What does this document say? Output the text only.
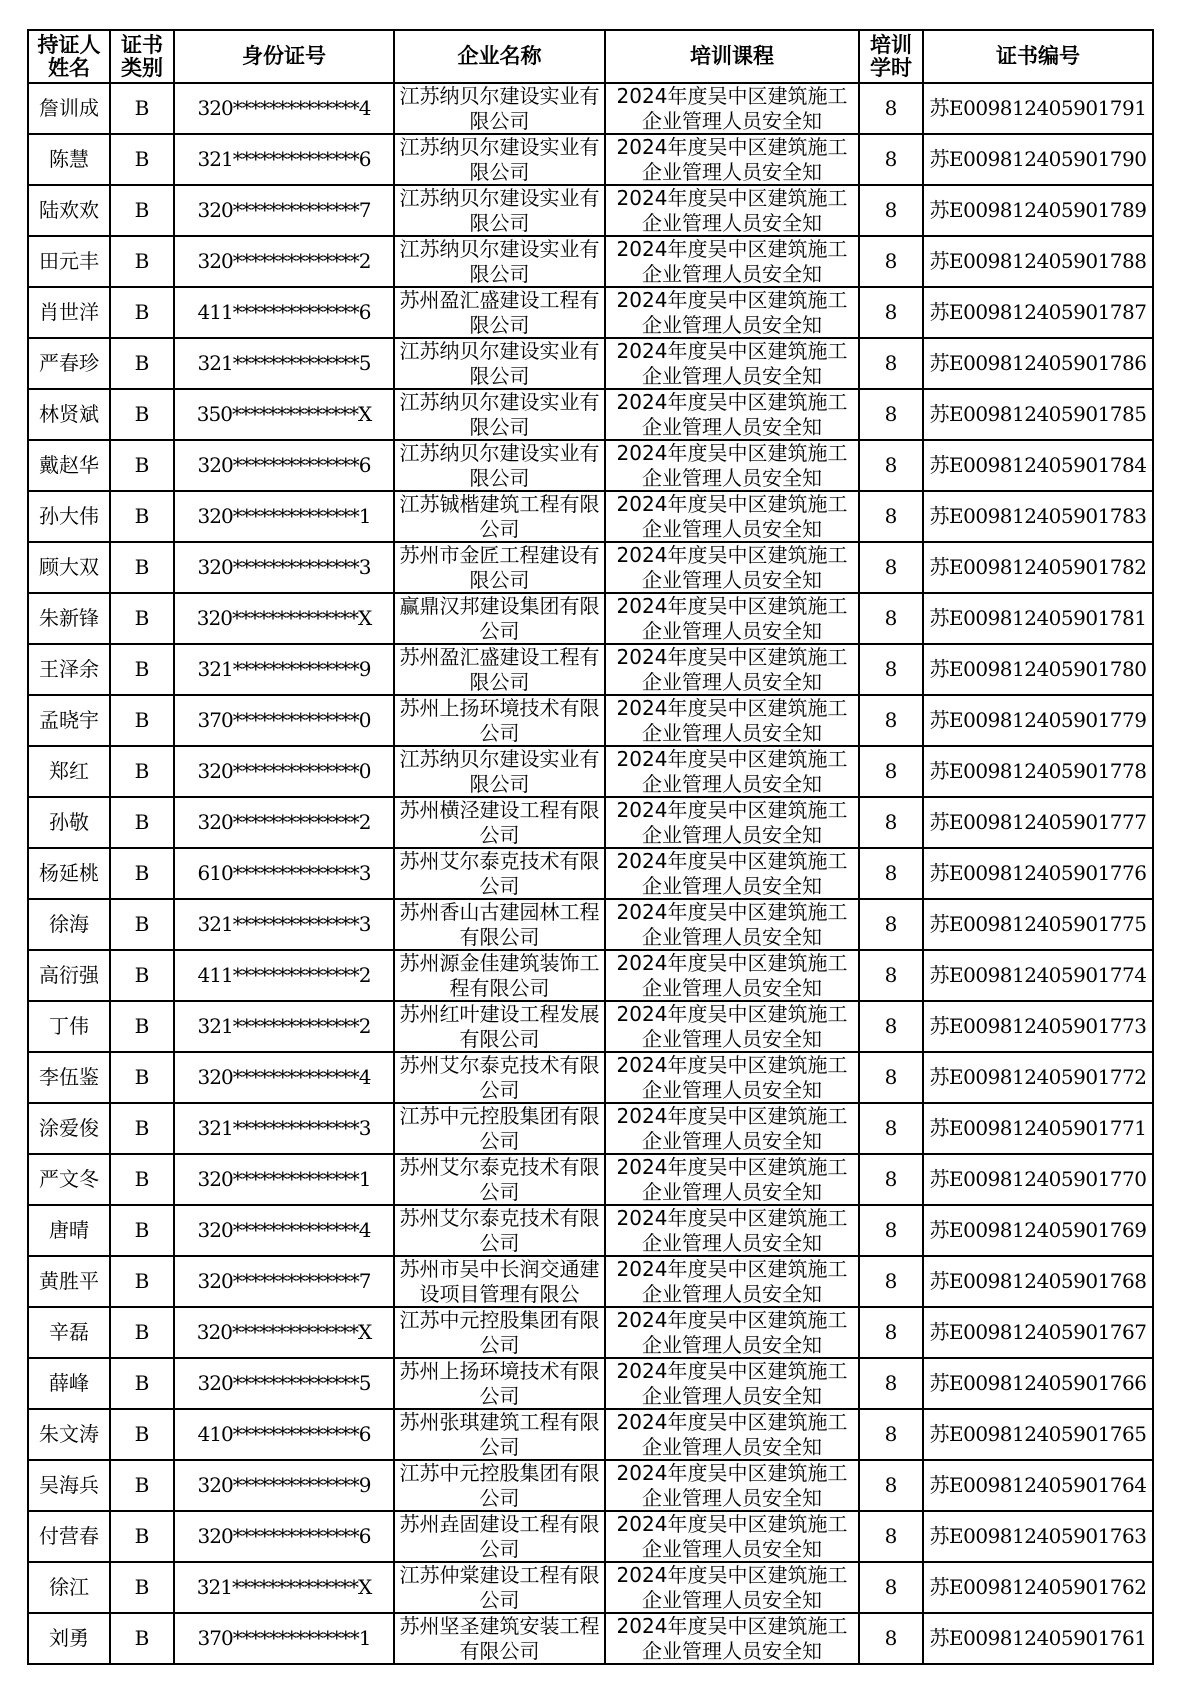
持证人姓名	证书类别	身份证号	企业名称	培训课程	培训学时	证书编号
詹训成	B	320**************4	江苏纳贝尔建设实业有限公司	2024年度吴中区建筑施工企业管理人员安全知	8	苏E009812405901791
陈慧	B	321**************6	江苏纳贝尔建设实业有限公司	2024年度吴中区建筑施工企业管理人员安全知	8	苏E009812405901790
陆欢欢	B	320**************7	江苏纳贝尔建设实业有限公司	2024年度吴中区建筑施工企业管理人员安全知	8	苏E009812405901789
田元丰	B	320**************2	江苏纳贝尔建设实业有限公司	2024年度吴中区建筑施工企业管理人员安全知	8	苏E009812405901788
肖世洋	B	411**************6	苏州盈汇盛建设工程有限公司	2024年度吴中区建筑施工企业管理人员安全知	8	苏E009812405901787
严春珍	B	321**************5	江苏纳贝尔建设实业有限公司	2024年度吴中区建筑施工企业管理人员安全知	8	苏E009812405901786
林贤斌	B	350**************X	江苏纳贝尔建设实业有限公司	2024年度吴中区建筑施工企业管理人员安全知	8	苏E009812405901785
戴赵华	B	320**************6	江苏纳贝尔建设实业有限公司	2024年度吴中区建筑施工企业管理人员安全知	8	苏E009812405901784
孙大伟	B	320**************1	江苏铖楷建筑工程有限公司	2024年度吴中区建筑施工企业管理人员安全知	8	苏E009812405901783
顾大双	B	320**************3	苏州市金匠工程建设有限公司	2024年度吴中区建筑施工企业管理人员安全知	8	苏E009812405901782
朱新锋	B	320**************X	赢鼎汉邦建设集团有限公司	2024年度吴中区建筑施工企业管理人员安全知	8	苏E009812405901781
王泽余	B	321**************9	苏州盈汇盛建设工程有限公司	2024年度吴中区建筑施工企业管理人员安全知	8	苏E009812405901780
孟晓宇	B	370**************0	苏州上扬环境技术有限公司	2024年度吴中区建筑施工企业管理人员安全知	8	苏E009812405901779
郑红	B	320**************0	江苏纳贝尔建设实业有限公司	2024年度吴中区建筑施工企业管理人员安全知	8	苏E009812405901778
孙敬	B	320**************2	苏州横泾建设工程有限公司	2024年度吴中区建筑施工企业管理人员安全知	8	苏E009812405901777
杨延桃	B	610**************3	苏州艾尔泰克技术有限公司	2024年度吴中区建筑施工企业管理人员安全知	8	苏E009812405901776
徐海	B	321**************3	苏州香山古建园林工程有限公司	2024年度吴中区建筑施工企业管理人员安全知	8	苏E009812405901775
高衍强	B	411**************2	苏州源金佳建筑装饰工程有限公司	2024年度吴中区建筑施工企业管理人员安全知	8	苏E009812405901774
丁伟	B	321**************2	苏州红叶建设工程发展有限公司	2024年度吴中区建筑施工企业管理人员安全知	8	苏E009812405901773
李伍鉴	B	320**************4	苏州艾尔泰克技术有限公司	2024年度吴中区建筑施工企业管理人员安全知	8	苏E009812405901772
涂爱俊	B	321**************3	江苏中元控股集团有限公司	2024年度吴中区建筑施工企业管理人员安全知	8	苏E009812405901771
严文冬	B	320**************1	苏州艾尔泰克技术有限公司	2024年度吴中区建筑施工企业管理人员安全知	8	苏E009812405901770
唐晴	B	320**************4	苏州艾尔泰克技术有限公司	2024年度吴中区建筑施工企业管理人员安全知	8	苏E009812405901769
黄胜平	B	320**************7	苏州市吴中长润交通建设项目管理有限公	2024年度吴中区建筑施工企业管理人员安全知	8	苏E009812405901768
辛磊	B	320**************X	江苏中元控股集团有限公司	2024年度吴中区建筑施工企业管理人员安全知	8	苏E009812405901767
薛峰	B	320**************5	苏州上扬环境技术有限公司	2024年度吴中区建筑施工企业管理人员安全知	8	苏E009812405901766
朱文涛	B	410**************6	苏州张琪建筑工程有限公司	2024年度吴中区建筑施工企业管理人员安全知	8	苏E009812405901765
吴海兵	B	320**************9	江苏中元控股集团有限公司	2024年度吴中区建筑施工企业管理人员安全知	8	苏E009812405901764
付营春	B	320**************6	苏州垚固建设工程有限公司	2024年度吴中区建筑施工企业管理人员安全知	8	苏E009812405901763
徐江	B	321**************X	江苏仲棠建设工程有限公司	2024年度吴中区建筑施工企业管理人员安全知	8	苏E009812405901762
刘勇	B	370**************1	苏州坚圣建筑安装工程有限公司	2024年度吴中区建筑施工企业管理人员安全知	8	苏E009812405901761
